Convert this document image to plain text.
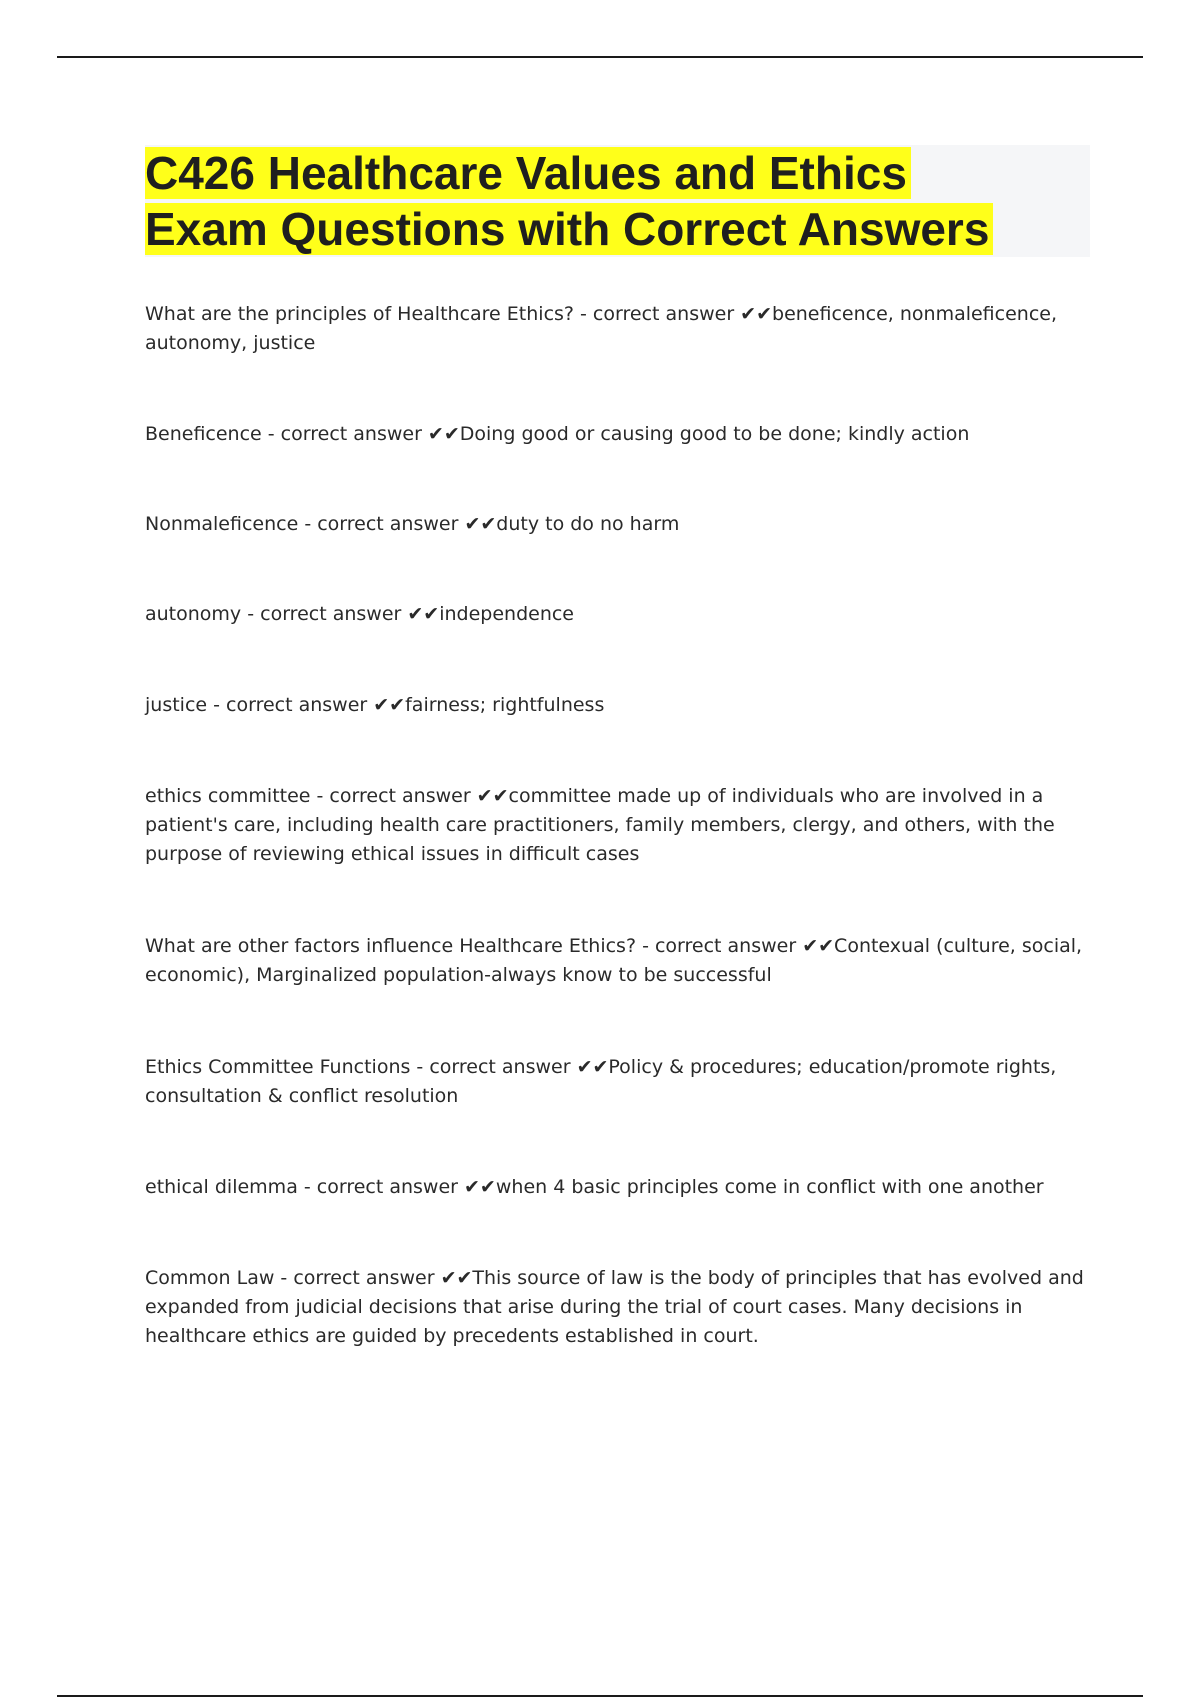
C426 Healthcare Values and Ethics
Exam Questions with Correct Answers

What are the principles of Healthcare Ethics? - correct answer ✔✔beneficence, nonmaleficence, autonomy, justice

Beneficence - correct answer ✔✔Doing good or causing good to be done; kindly action

Nonmaleficence - correct answer ✔✔duty to do no harm

autonomy - correct answer ✔✔independence

justice - correct answer ✔✔fairness; rightfulness

ethics committee - correct answer ✔✔committee made up of individuals who are involved in a patient's care, including health care practitioners, family members, clergy, and others, with the purpose of reviewing ethical issues in difficult cases

What are other factors influence Healthcare Ethics? - correct answer ✔✔Contexual (culture, social, economic), Marginalized population-always know to be successful

Ethics Committee Functions - correct answer ✔✔Policy & procedures; education/promote rights, consultation & conflict resolution

ethical dilemma - correct answer ✔✔when 4 basic principles come in conflict with one another

Common Law - correct answer ✔✔This source of law is the body of principles that has evolved and expanded from judicial decisions that arise during the trial of court cases. Many decisions in healthcare ethics are guided by precedents established in court.
